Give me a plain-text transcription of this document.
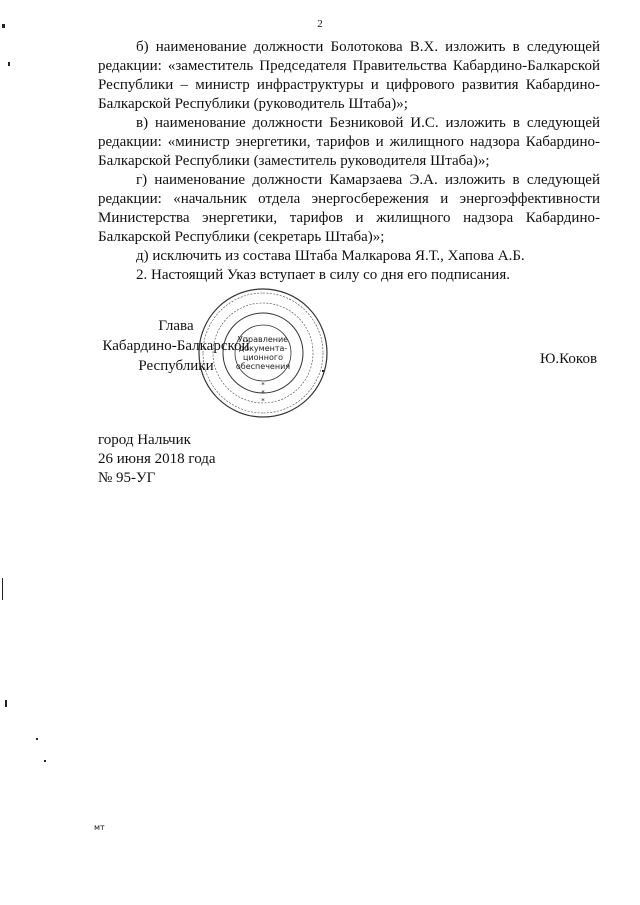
2

б) наименование должности Болотокова В.Х. изложить в следующей редакции: «заместитель Председателя Правительства Кабардино-Балкарской Республики – министр инфраструктуры и цифрового развития Кабардино-Балкарской Республики (руководитель Штаба)»;

в) наименование должности Безниковой И.С. изложить в следующей редакции: «министр энергетики, тарифов и жилищного надзора Кабардино-Балкарской Республики (заместитель руководителя Штаба)»;

г) наименование должности Камарзаева Э.А. изложить в следующей редакции: «начальник отдела энергосбережения и энергоэффективности Министерства энергетики, тарифов и жилищного надзора Кабардино-Балкарской Республики (секретарь Штаба)»;

д) исключить из состава Штаба Малкарова Я.Т., Хапова А.Б.

2. Настоящий Указ вступает в силу со дня его подписания.

Управление
документа-
ционного
обеспечения
*
*
*
Глава
Кабардино-Балкарской
Республики	Ю.Коков
город Нальчик
26 июня 2018 года
№ 95-УГ
мт
